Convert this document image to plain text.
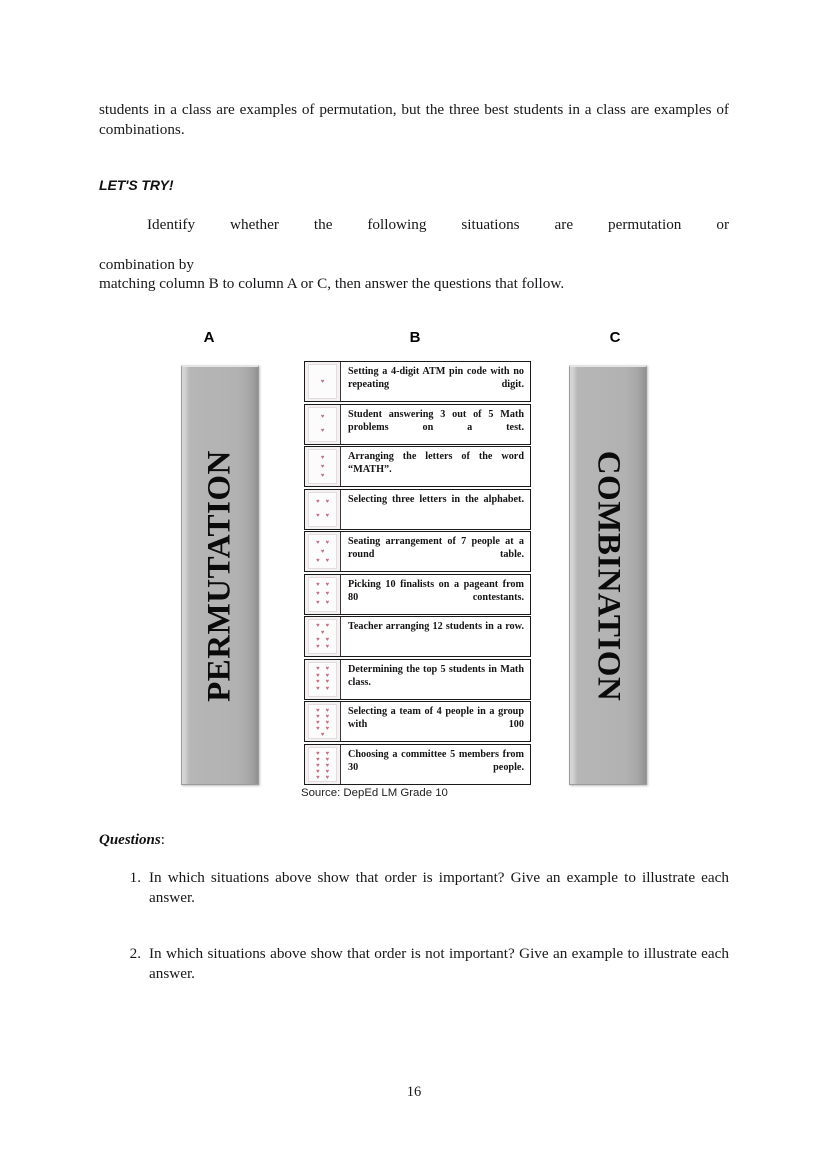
students in a class are examples of permutation, but the three best students in a class are examples of combinations.
LET'S TRY!
Identify whether the following situations are permutation or
combination by
matching column B to column A or C, then answer the questions that follow.
A	B	C
PERMUTATION	COMBINATION
♥
Setting a 4-digit ATM pin code with no repeating digit.
♥
♥
Student answering 3 out of 5 Math problems on a test.
♥
♥
♥
Arranging the letters of the word “MATH”.
♥ ♥
♥ ♥
Selecting three letters in the alphabet.
♥ ♥
♥
♥ ♥
Seating arrangement of 7 people at a round table.
♥ ♥
♥ ♥
♥ ♥
Picking 10 finalists on a pageant from 80 contestants.
♥ ♥
♥
♥ ♥
♥ ♥
Teacher arranging 12 students in a row.
♥ ♥
♥ ♥
♥ ♥
♥ ♥
Determining the top 5 students in Math class.
♥ ♥
♥ ♥
♥ ♥
♥ ♥
♥
Selecting a team of 4 people in a group with 100
♥ ♥
♥ ♥
♥ ♥
♥ ♥
♥ ♥
Choosing a committee 5 members from 30 people.
Source: DepEd LM Grade 10
Questions:
1. In which situations above show that order is important? Give an example to illustrate each answer.
2. In which situations above show that order is not important? Give an example to illustrate each answer.
16
